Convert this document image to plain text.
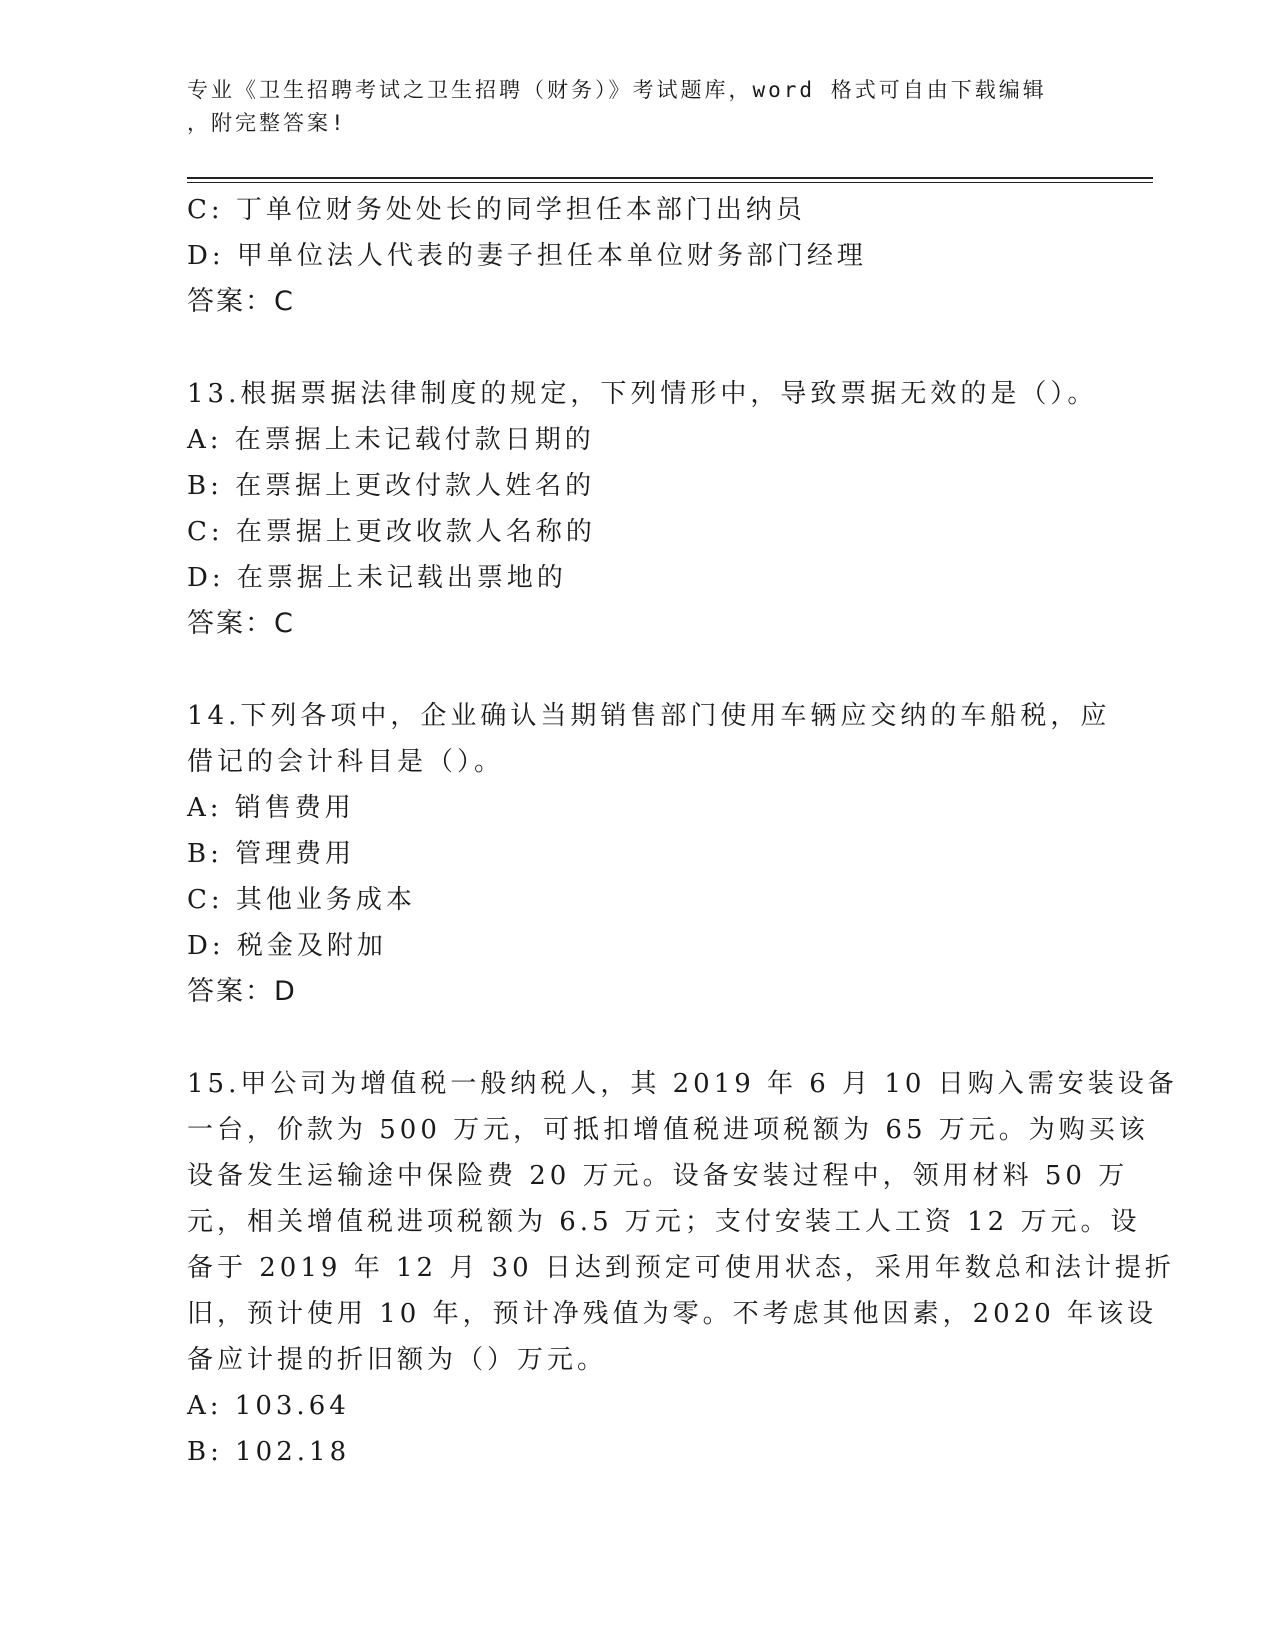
专业《卫生招聘考试之卫生招聘（财务）》考试题库，word 格式可自由下载编辑
，附完整答案!
C: 丁单位财务处处长的同学担任本部门出纳员
D: 甲单位法人代表的妻子担任本单位财务部门经理
答案：C
13.根据票据法律制度的规定，下列情形中，导致票据无效的是（）。
A: 在票据上未记载付款日期的
B: 在票据上更改付款人姓名的
C: 在票据上更改收款人名称的
D: 在票据上未记载出票地的
答案：C
14.下列各项中，企业确认当期销售部门使用车辆应交纳的车船税，应
借记的会计科目是（）。
A: 销售费用
B: 管理费用
C: 其他业务成本
D: 税金及附加
答案：D
15.甲公司为增值税一般纳税人，其 2019 年 6 月 10 日购入需安装设备
一台，价款为 500 万元，可抵扣增值税进项税额为 65 万元。为购买该
设备发生运输途中保险费 20 万元。设备安装过程中，领用材料 50 万
元，相关增值税进项税额为 6.5 万元；支付安装工人工资 12 万元。设
备于 2019 年 12 月 30 日达到预定可使用状态，采用年数总和法计提折
旧，预计使用 10 年，预计净残值为零。不考虑其他因素，2020 年该设
备应计提的折旧额为（）万元。
A: 103.64
B: 102.18
